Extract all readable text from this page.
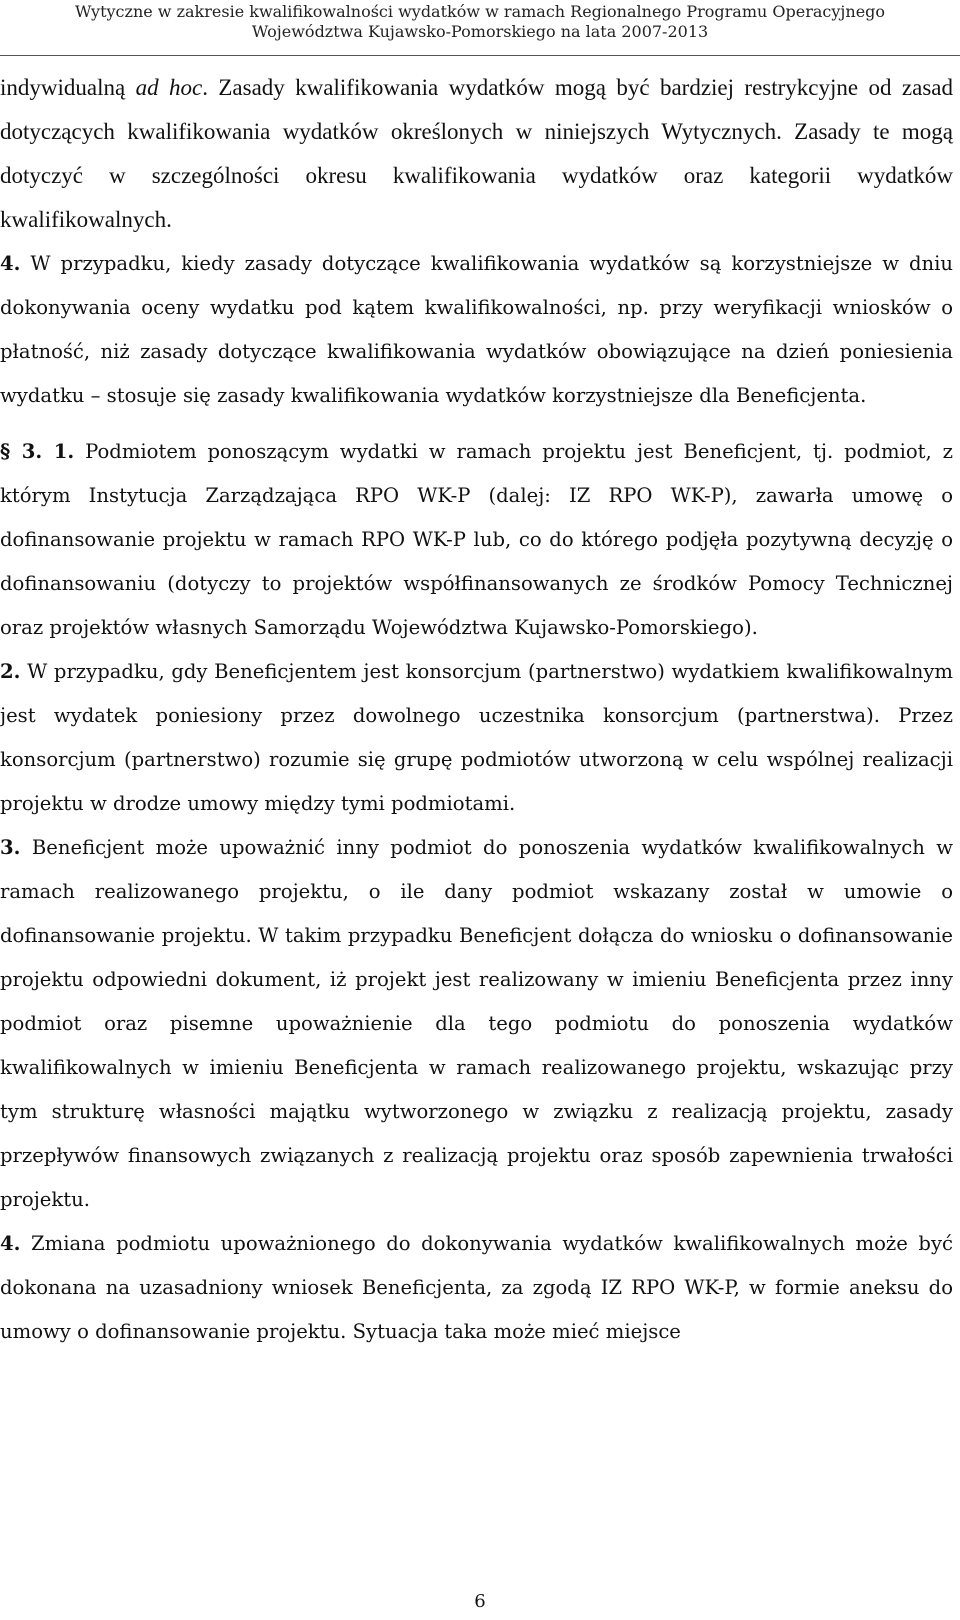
Wytyczne w zakresie kwalifikowalności wydatków w ramach Regionalnego Programu Operacyjnego
Województwa Kujawsko-Pomorskiego na lata 2007-2013

indywidualną ad hoc. Zasady kwalifikowania wydatków mogą być bardziej restrykcyjne od zasad dotyczących kwalifikowania wydatków określonych w niniejszych Wytycznych. Zasady te mogą dotyczyć w szczególności okresu kwalifikowania wydatków oraz kategorii wydatków kwalifikowalnych.

4. W przypadku, kiedy zasady dotyczące kwalifikowania wydatków są korzystniejsze w dniu dokonywania oceny wydatku pod kątem kwalifikowalności, np. przy weryfikacji wniosków o płatność, niż zasady dotyczące kwalifikowania wydatków obowiązujące na dzień poniesienia wydatku – stosuje się zasady kwalifikowania wydatków korzystniejsze dla Beneficjenta.

§ 3. 1. Podmiotem ponoszącym wydatki w ramach projektu jest Beneficjent, tj. podmiot, z którym Instytucja Zarządzająca RPO WK-P (dalej: IZ RPO WK-P), zawarła umowę o dofinansowanie projektu w ramach RPO WK-P lub, co do którego podjęła pozytywną decyzję o dofinansowaniu (dotyczy to projektów współfinansowanych ze środków Pomocy Technicznej oraz projektów własnych Samorządu Województwa Kujawsko-Pomorskiego).

2. W przypadku, gdy Beneficjentem jest konsorcjum (partnerstwo) wydatkiem kwalifikowalnym jest wydatek poniesiony przez dowolnego uczestnika konsorcjum (partnerstwa). Przez konsorcjum (partnerstwo) rozumie się grupę podmiotów utworzoną w celu wspólnej realizacji projektu w drodze umowy między tymi podmiotami.

3. Beneficjent może upoważnić inny podmiot do ponoszenia wydatków kwalifikowalnych w ramach realizowanego projektu, o ile dany podmiot wskazany został w umowie o dofinansowanie projektu. W takim przypadku Beneficjent dołącza do wniosku o dofinansowanie projektu odpowiedni dokument, iż projekt jest realizowany w imieniu Beneficjenta przez inny podmiot oraz pisemne upoważnienie dla tego podmiotu do ponoszenia wydatków kwalifikowalnych w imieniu Beneficjenta w ramach realizowanego projektu, wskazując przy tym strukturę własności majątku wytworzonego w związku z realizacją projektu, zasady przepływów finansowych związanych z realizacją projektu oraz sposób zapewnienia trwałości projektu.

4. Zmiana podmiotu upoważnionego do dokonywania wydatków kwalifikowalnych może być dokonana na uzasadniony wniosek Beneficjenta, za zgodą IZ RPO WK-P, w formie aneksu do umowy o dofinansowanie projektu. Sytuacja taka może mieć miejsce

6
